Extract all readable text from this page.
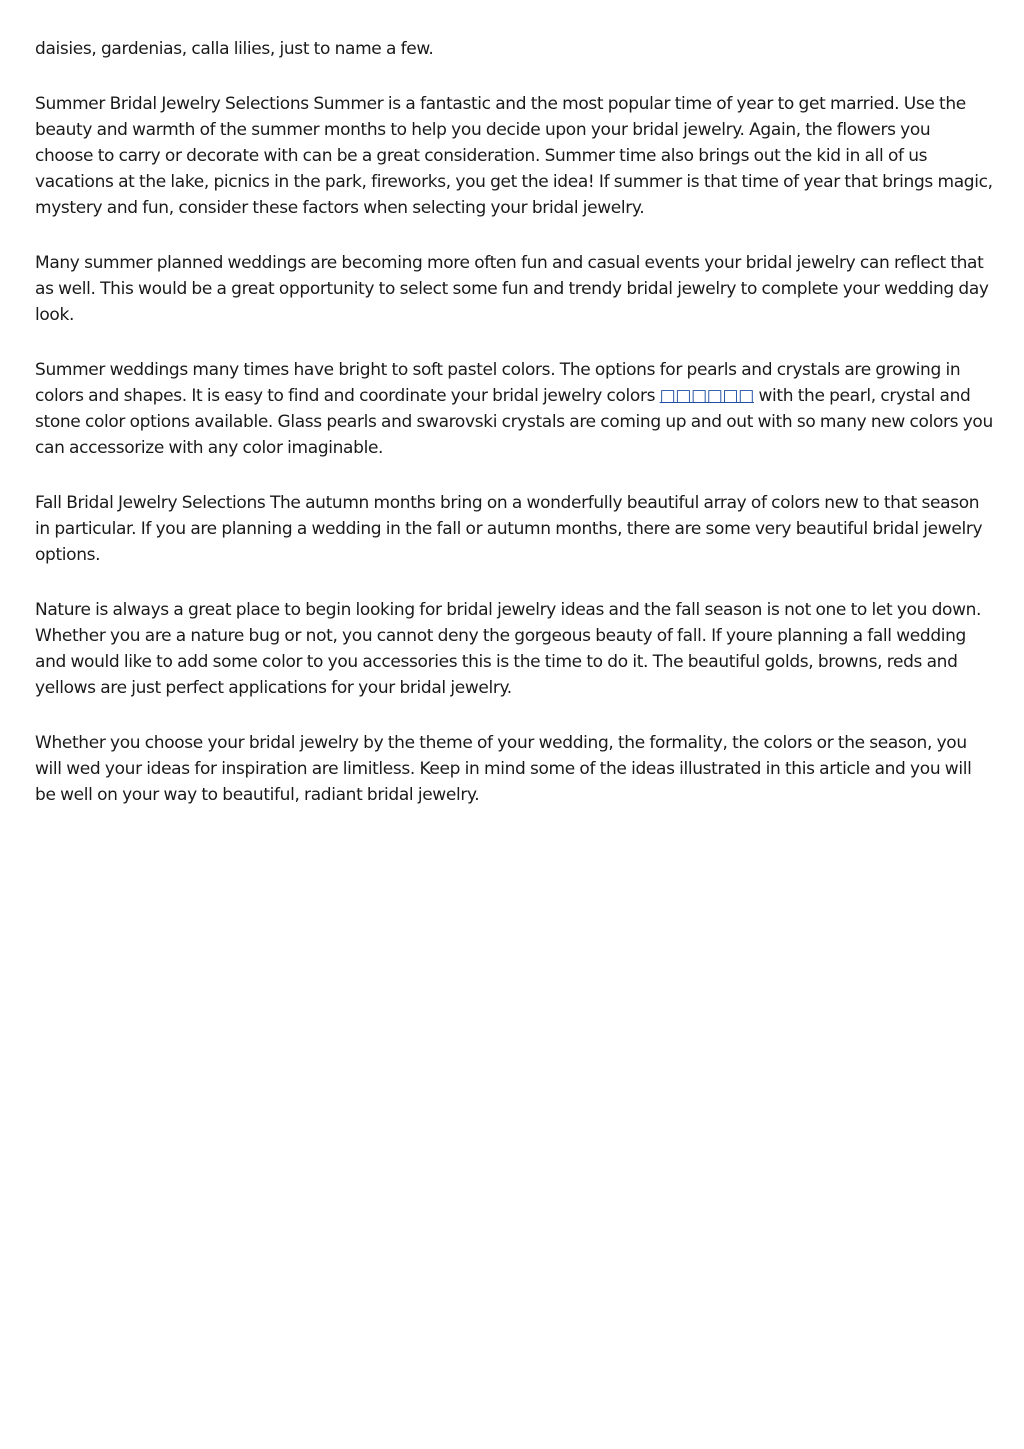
daisies, gardenias, calla lilies, just to name a few.

Summer Bridal Jewelry Selections Summer is a fantastic and the most popular time of year to get married. Use the beauty and warmth of the summer months to help you decide upon your bridal jewelry. Again, the flowers you choose to carry or decorate with can be a great consideration. Summer time also brings out the kid in all of us vacations at the lake, picnics in the park, fireworks, you get the idea! If summer is that time of year that brings magic, mystery and fun, consider these factors when selecting your bridal jewelry.

Many summer planned weddings are becoming more often fun and casual events your bridal jewelry can reflect that as well. This would be a great opportunity to select some fun and trendy bridal jewelry to complete your wedding day look.

Summer weddings many times have bright to soft pastel colors. The options for pearls and crystals are growing in colors and shapes. It is easy to find and coordinate your bridal jewelry colors □□□□□□ with the pearl, crystal and stone color options available. Glass pearls and swarovski crystals are coming up and out with so many new colors you can accessorize with any color imaginable.

Fall Bridal Jewelry Selections The autumn months bring on a wonderfully beautiful array of colors new to that season in particular. If you are planning a wedding in the fall or autumn months, there are some very beautiful bridal jewelry options.

Nature is always a great place to begin looking for bridal jewelry ideas and the fall season is not one to let you down. Whether you are a nature bug or not, you cannot deny the gorgeous beauty of fall. If youre planning a fall wedding and would like to add some color to you accessories this is the time to do it. The beautiful golds, browns, reds and yellows are just perfect applications for your bridal jewelry.

Whether you choose your bridal jewelry by the theme of your wedding, the formality, the colors or the season, you will wed your ideas for inspiration are limitless. Keep in mind some of the ideas illustrated in this article and you will be well on your way to beautiful, radiant bridal jewelry.
